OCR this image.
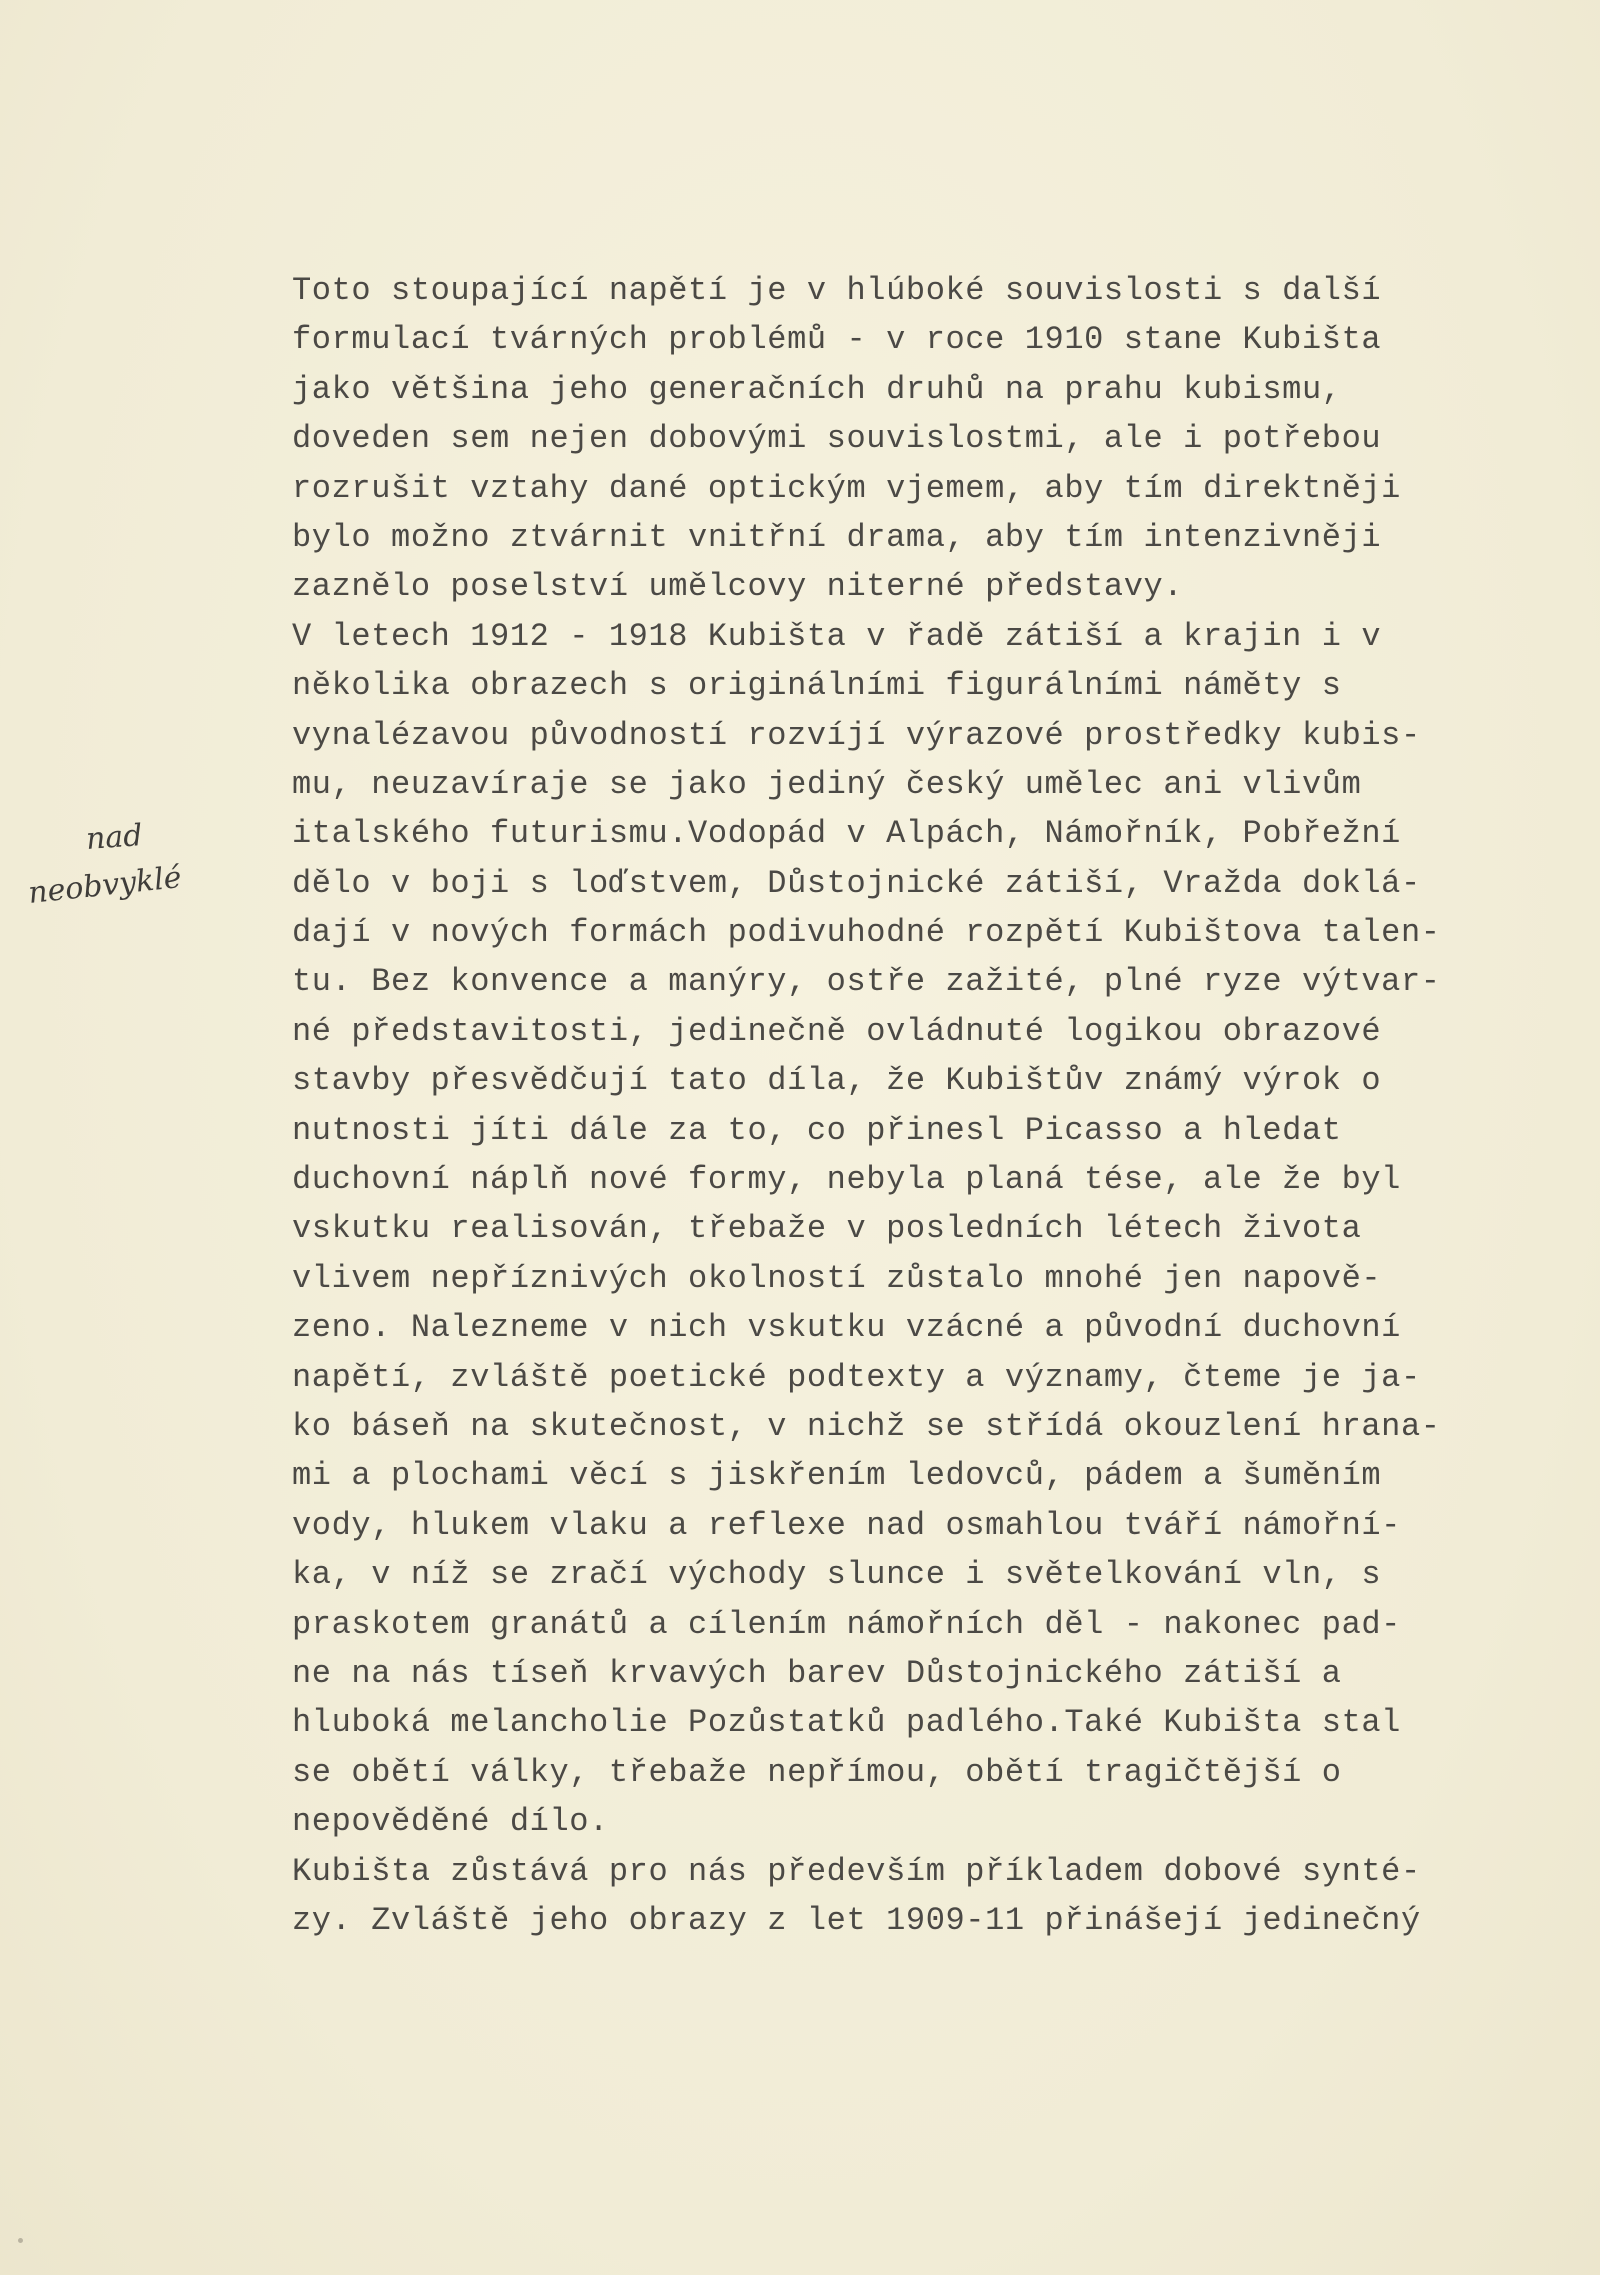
nad
neobvyklé
Toto stoupající napětí je v hlúboké souvislosti s další
formulací tvárných problémů - v roce 1910 stane Kubišta
jako většina jeho generačních druhů na prahu kubismu,
doveden sem nejen dobovými souvislostmi, ale i potřebou
rozrušit vztahy dané optickým vjemem, aby tím direktněji
bylo možno ztvárnit vnitřní drama, aby tím intenzivněji
zaznělo poselství umělcovy niterné představy.
V letech 1912 - 1918 Kubišta v řadě zátiší a krajin i v
několika obrazech s originálními figurálními náměty s
vynalézavou původností rozvíjí výrazové prostředky kubis-
mu, neuzavíraje se jako jediný český umělec ani vlivům
italského futurismu.Vodopád v Alpách, Námořník, Pobřežní
dělo v boji s loďstvem, Důstojnické zátiší, Vražda doklá-
dají v nových formách podivuhodné rozpětí Kubištova talen-
tu. Bez konvence a manýry, ostře zažité, plné ryze výtvar-
né představitosti, jedinečně ovládnuté logikou obrazové
stavby přesvědčují tato díla, že Kubištův známý výrok o
nutnosti jíti dále za to, co přinesl Picasso a hledat
duchovní náplň nové formy, nebyla planá tése, ale že byl
vskutku realisován, třebaže v posledních létech života
vlivem nepříznivých okolností zůstalo mnohé jen napově-
zeno. Nalezneme v nich vskutku vzácné a původní duchovní
napětí, zvláště poetické podtexty a významy, čteme je ja-
ko báseň na skutečnost, v nichž se střídá okouzlení hrana-
mi a plochami věcí s jiskřením ledovců, pádem a šuměním
vody, hlukem vlaku a reflexe nad osmahlou tváří námořní-
ka, v níž se zračí východy slunce i světelkování vln, s
praskotem granátů a cílením námořních děl - nakonec pad-
ne na nás tíseň krvavých barev Důstojnického zátiší a
hluboká melancholie Pozůstatků padlého.Také Kubišta stal
se obětí války, třebaže nepřímou, obětí tragičtější o
nepověděné dílo.
Kubišta zůstává pro nás především příkladem dobové synté-
zy. Zvláště jeho obrazy z let 1909-11 přinášejí jedinečný
